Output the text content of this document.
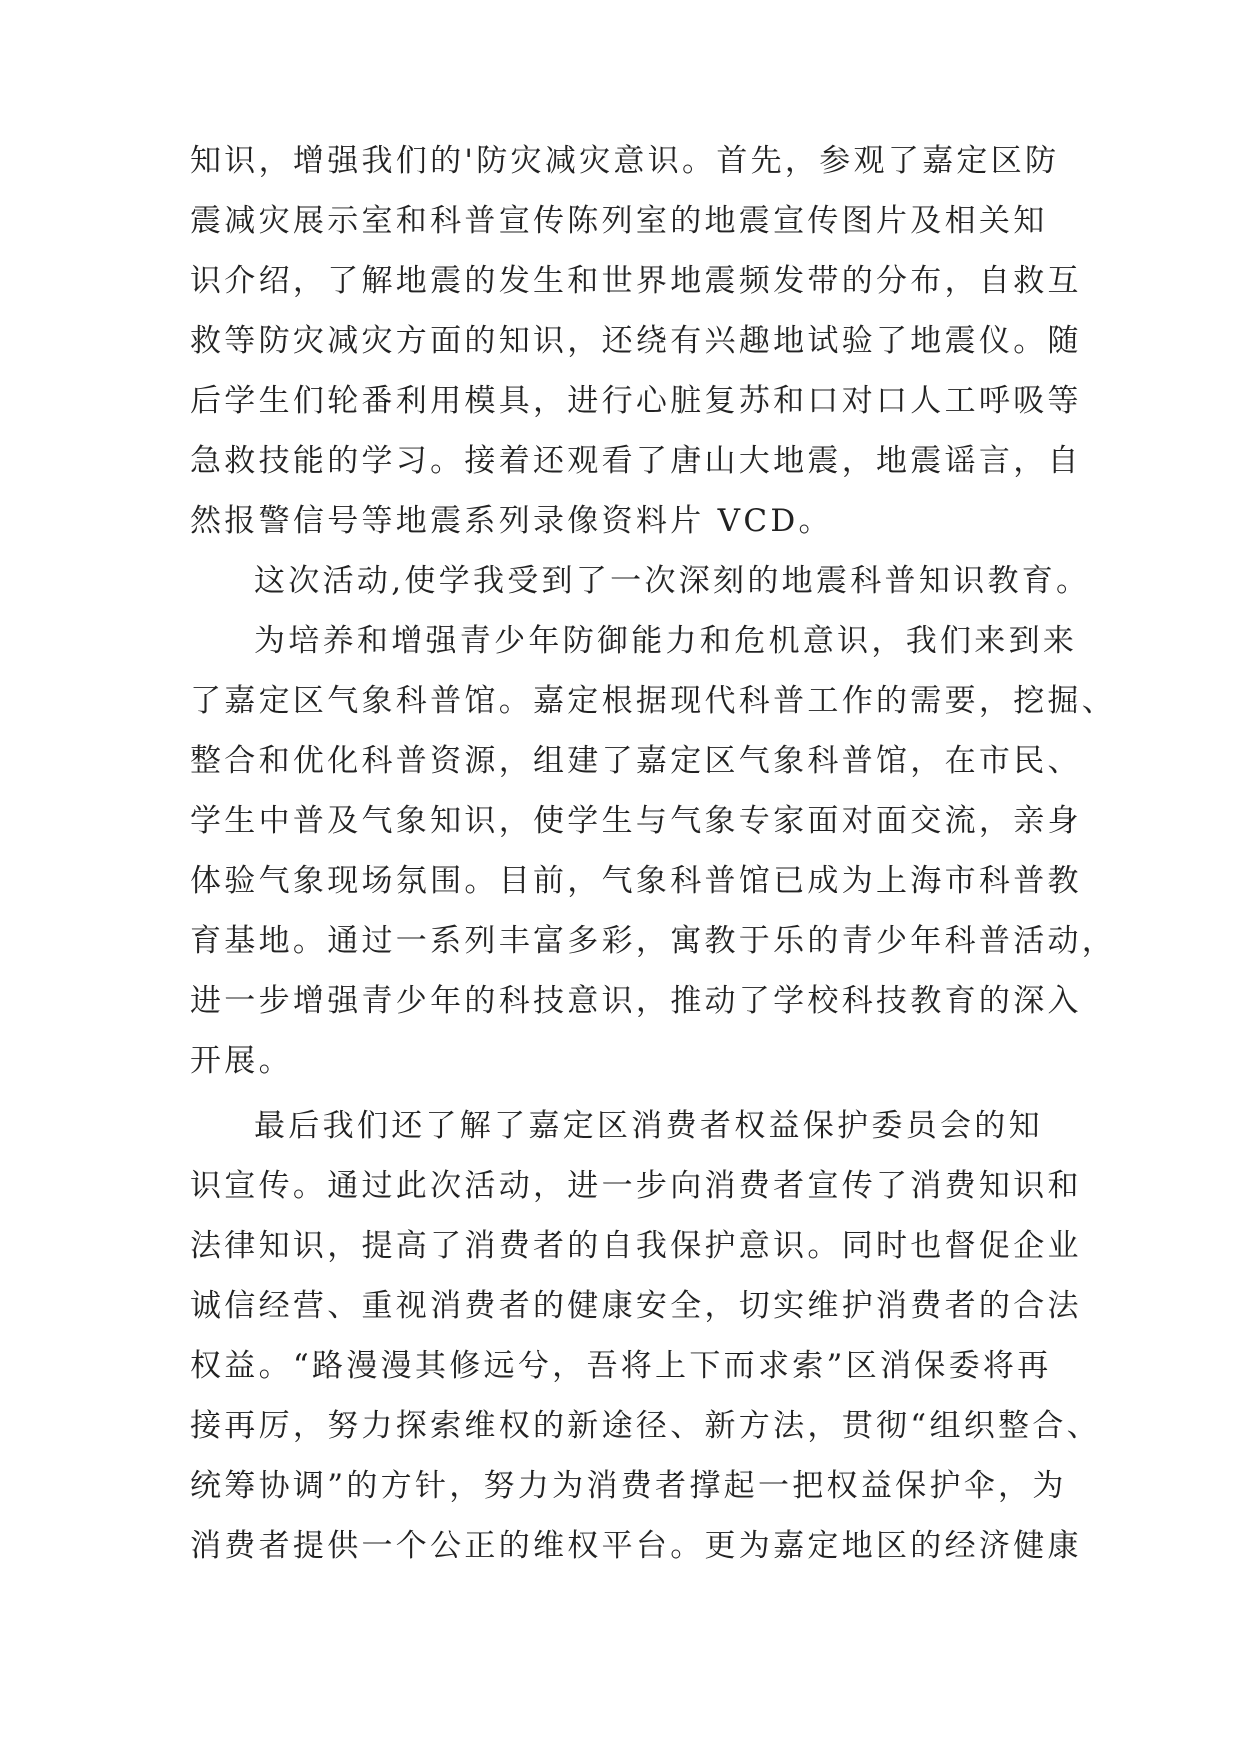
知识，增强我们的'防灾减灾意识。首先，参观了嘉定区防
震减灾展示室和科普宣传陈列室的地震宣传图片及相关知
识介绍，了解地震的发生和世界地震频发带的分布，自救互
救等防灾减灾方面的知识，还绕有兴趣地试验了地震仪。随
后学生们轮番利用模具，进行心脏复苏和口对口人工呼吸等
急救技能的学习。接着还观看了唐山大地震，地震谣言，自
然报警信号等地震系列录像资料片 VCD。
这次活动,使学我受到了一次深刻的地震科普知识教育。
为培养和增强青少年防御能力和危机意识，我们来到来
了嘉定区气象科普馆。嘉定根据现代科普工作的需要，挖掘、
整合和优化科普资源，组建了嘉定区气象科普馆，在市民、
学生中普及气象知识，使学生与气象专家面对面交流，亲身
体验气象现场氛围。目前，气象科普馆已成为上海市科普教
育基地。通过一系列丰富多彩，寓教于乐的青少年科普活动，
进一步增强青少年的科技意识，推动了学校科技教育的深入
开展。
最后我们还了解了嘉定区消费者权益保护委员会的知
识宣传。通过此次活动，进一步向消费者宣传了消费知识和
法律知识，提高了消费者的自我保护意识。同时也督促企业
诚信经营、重视消费者的健康安全，切实维护消费者的合法
权益。“路漫漫其修远兮，吾将上下而求索”区消保委将再
接再厉，努力探索维权的新途径、新方法，贯彻“组织整合、
统筹协调”的方针，努力为消费者撑起一把权益保护伞，为
消费者提供一个公正的维权平台。更为嘉定地区的经济健康
